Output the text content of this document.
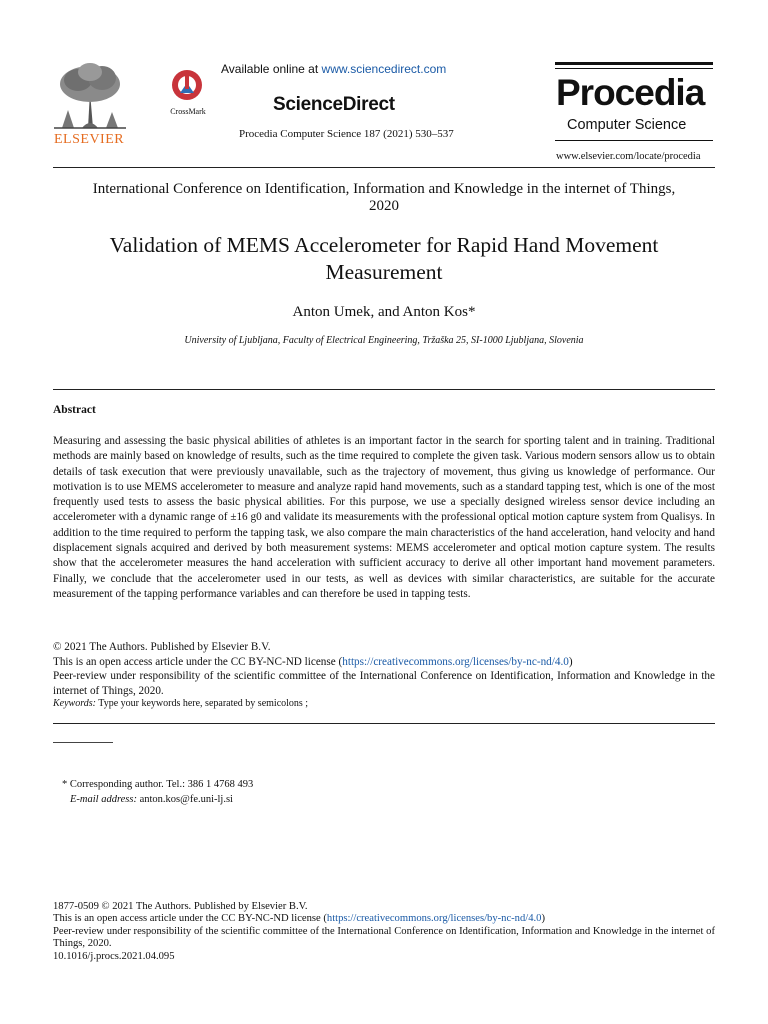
ELSEVIER
CrossMark
Available online at www.sciencedirect.com
ScienceDirect
Procedia Computer Science 187 (2021) 530–537
Procedia
Computer Science
www.elsevier.com/locate/procedia
International Conference on Identification, Information and Knowledge in the internet of Things,
2020
Validation of MEMS Accelerometer for Rapid Hand Movement
Measurement
Anton Umek, and Anton Kos*
University of Ljubljana, Faculty of Electrical Engineering, Tržaška 25, SI-1000 Ljubljana, Slovenia
Abstract
Measuring and assessing the basic physical abilities of athletes is an important factor in the search for sporting talent and in training. Traditional methods are mainly based on knowledge of results, such as the time required to complete the given task. Various modern sensors allow us to obtain details of task execution that were previously unavailable, such as the trajectory of movement, thus giving us knowledge of performance. Our motivation is to use MEMS accelerometer to measure and analyze rapid hand movements, such as a standard tapping test, which is one of the most frequently used tests to assess the basic physical abilities. For this purpose, we use a specially designed wireless sensor device including an accelerometer with a dynamic range of ±16 g0 and validate its measurements with the professional optical motion capture system from Qualisys. In addition to the time required to perform the tapping task, we also compare the main characteristics of the hand acceleration, hand velocity and hand displacement signals acquired and derived by both measurement systems: MEMS accelerometer and optical motion capture system. The results show that the accelerometer measures the hand acceleration with sufficient accuracy to derive all other important hand movement parameters. Finally, we conclude that the accelerometer used in our tests, as well as devices with similar characteristics, are suitable for the accurate measurement of the tapping performance variables and can therefore be used in tapping tests.
© 2021 The Authors. Published by Elsevier B.V.
This is an open access article under the CC BY-NC-ND license (https://creativecommons.org/licenses/by-nc-nd/4.0)
Peer-review under responsibility of the scientific committee of the International Conference on Identification, Information and Knowledge in the internet of Things, 2020.
Keywords: Type your keywords here, separated by semicolons ;
* Corresponding author. Tel.: 386 1 4768 493
E-mail address: anton.kos@fe.uni-lj.si
1877-0509 © 2021 The Authors. Published by Elsevier B.V.
This is an open access article under the CC BY-NC-ND license (https://creativecommons.org/licenses/by-nc-nd/4.0)
Peer-review under responsibility of the scientific committee of the International Conference on Identification, Information and Knowledge in the internet of Things, 2020.
10.1016/j.procs.2021.04.095
